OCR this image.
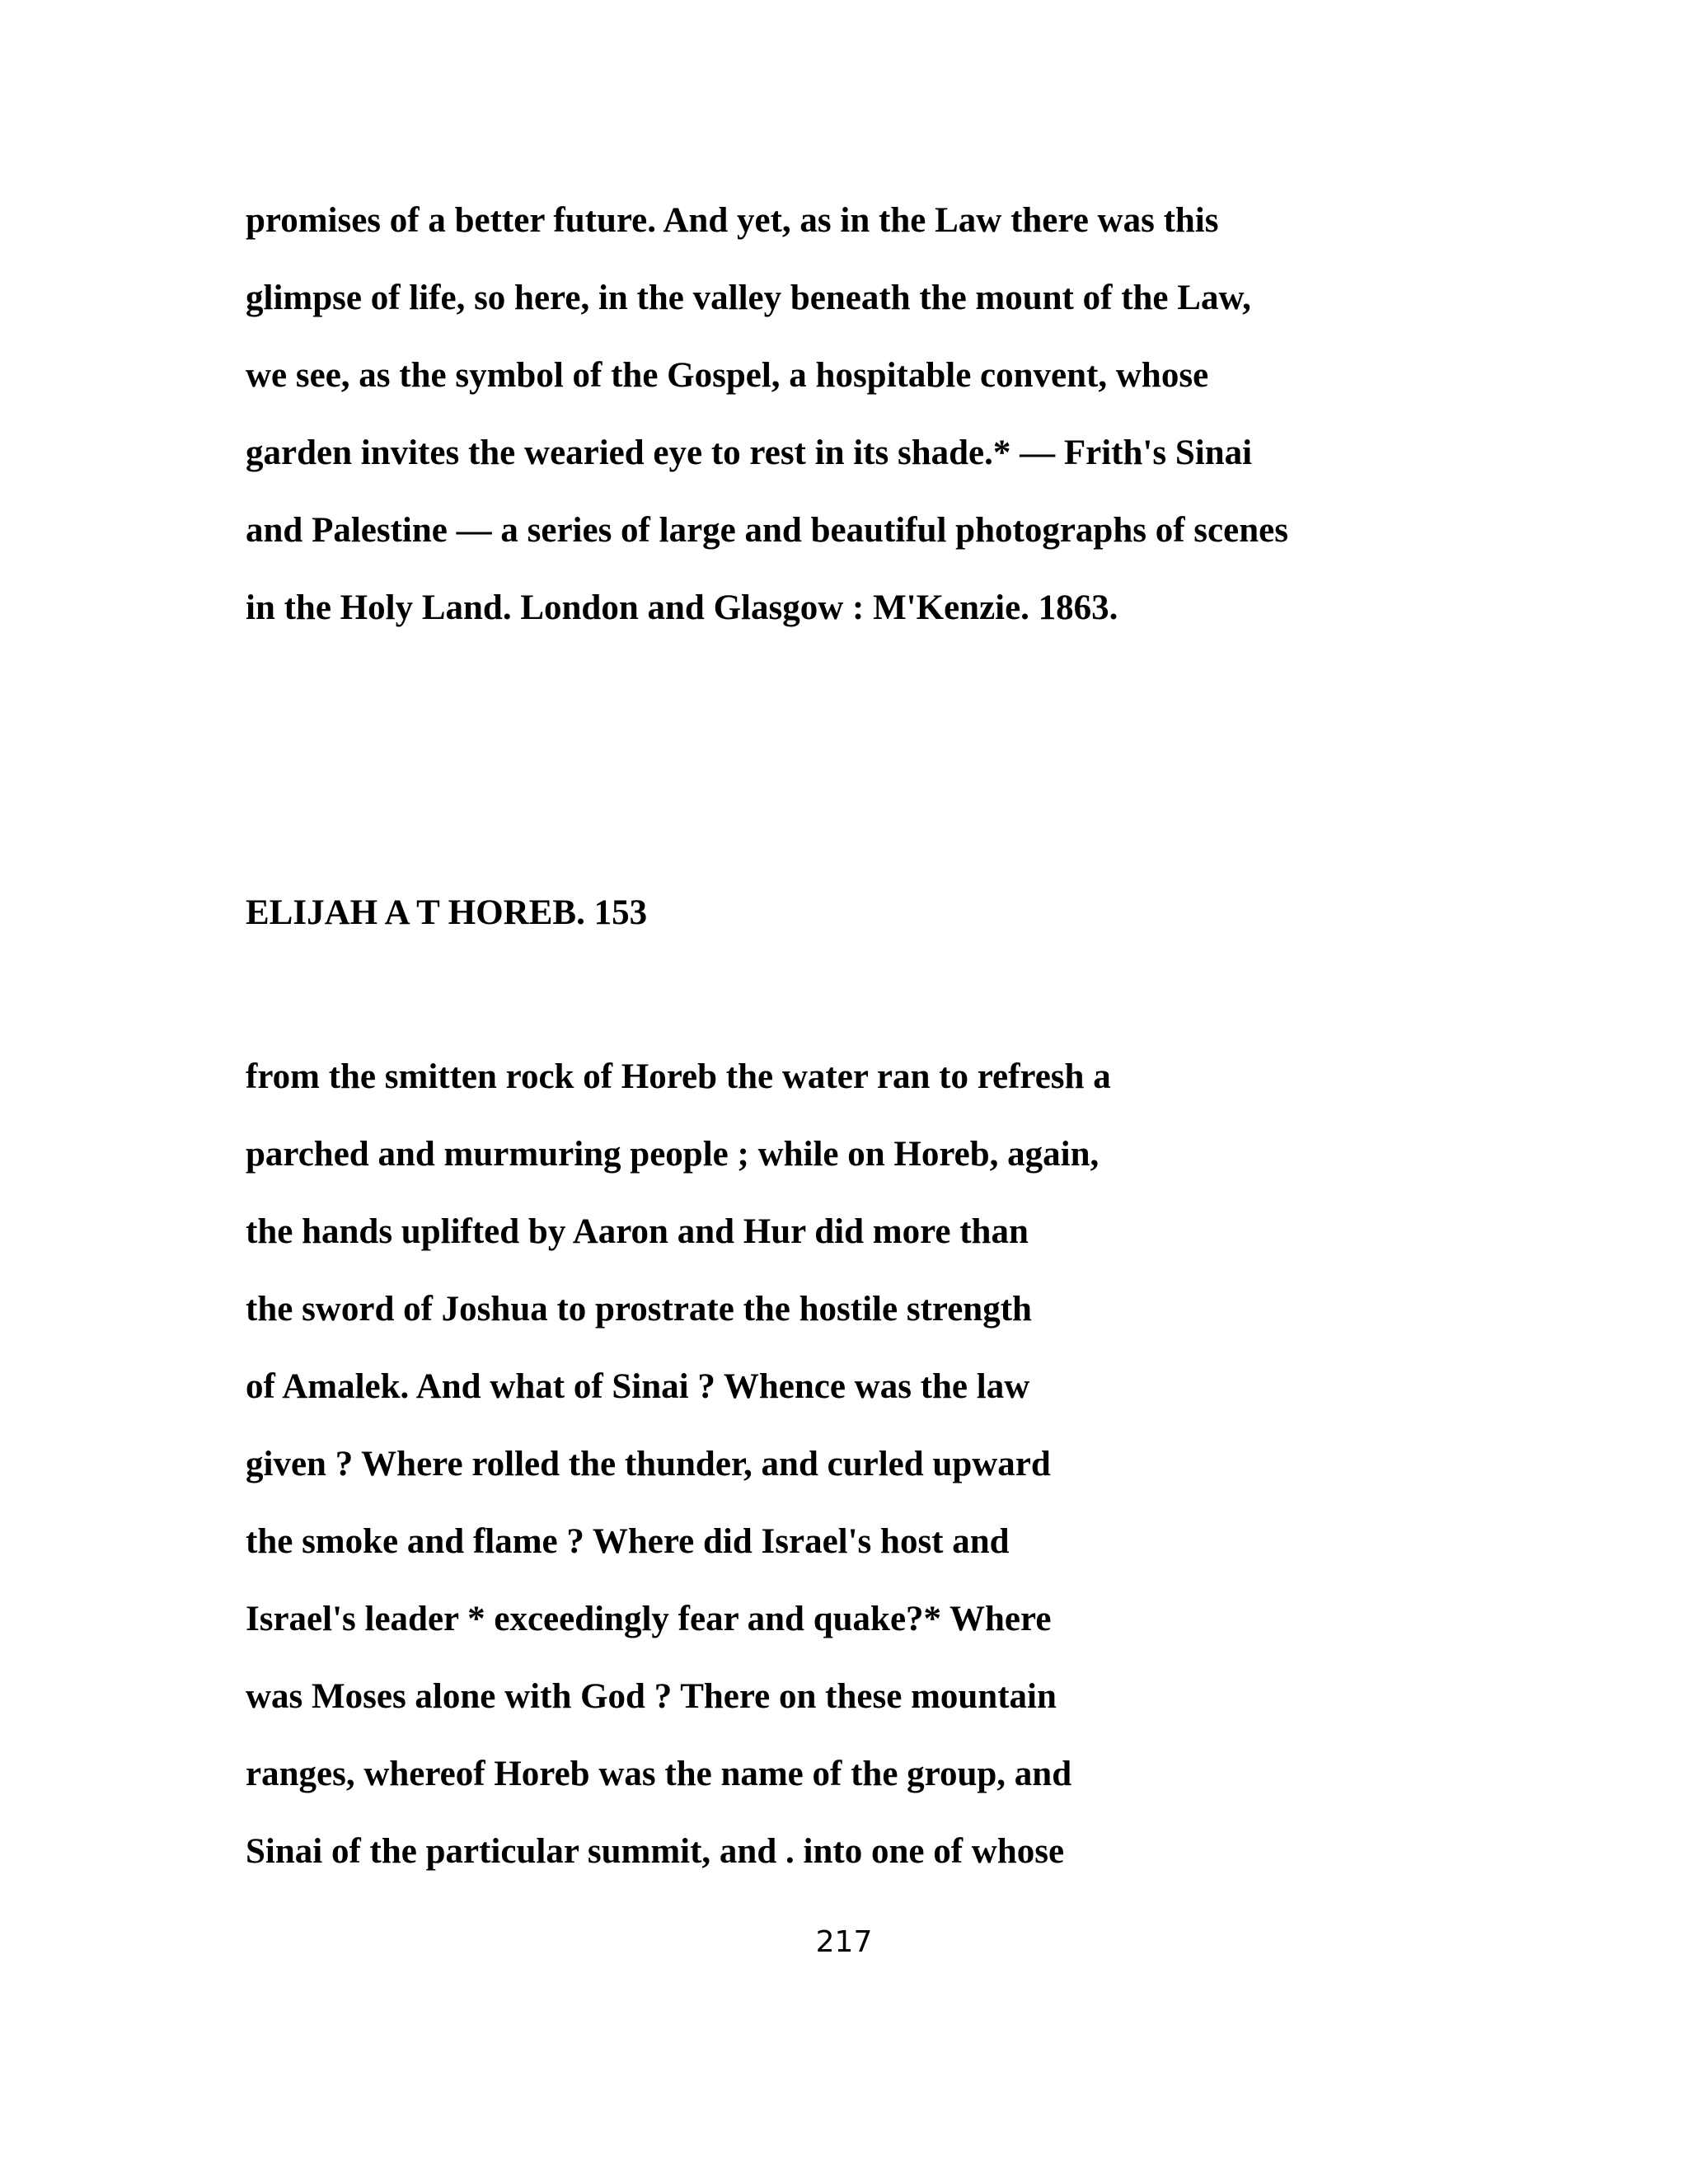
promises of a better future. And yet, as in the Law there was this
glimpse of life, so here, in the valley beneath the mount of the Law,
we see, as the symbol of the Gospel, a hospitable convent, whose
garden invites the wearied eye to rest in its shade.* — Frith's Sinai
and Palestine — a series of large and beautiful photographs of scenes
in the Holy Land. London and Glasgow : M'Kenzie. 1863.
ELIJAH A T HOREB. 153
from the smitten rock of Horeb the water ran to refresh a
parched and murmuring people ; while on Horeb, again,
the hands uplifted by Aaron and Hur did more than
the sword of Joshua to prostrate the hostile strength
of Amalek. And what of Sinai ? Whence was the law
given ? Where rolled the thunder, and curled upward
the smoke and flame ? Where did Israel's host and
Israel's leader * exceedingly fear and quake?* Where
was Moses alone with God ? There on these mountain
ranges, whereof Horeb was the name of the group, and
Sinai of the particular summit, and . into one of whose
217
